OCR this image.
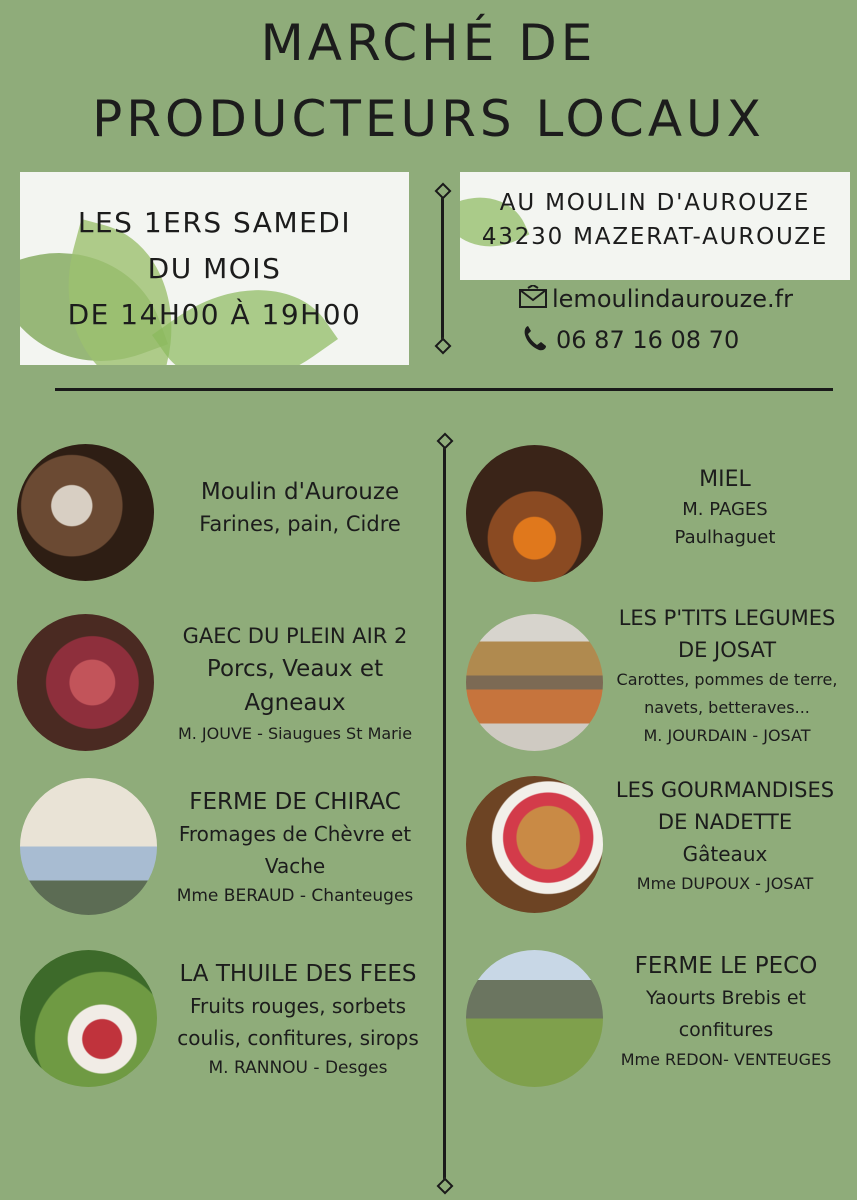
MARCHÉ DE
PRODUCTEURS LOCAUX
LES 1ERS SAMEDI
DU MOIS
DE 14H00 À 19H00
AU MOULIN D'AUROUZE
43230 MAZERAT-AUROUZE
lemoulindaurouze.fr
06 87 16 08 70
Moulin d'Aurouze
Farines, pain, Cidre
GAEC DU PLEIN AIR 2
Porcs, Veaux et
Agneaux
M. JOUVE - Siaugues St Marie
FERME DE CHIRAC
Fromages de Chèvre et
Vache
Mme BERAUD - Chanteuges
LA THUILE DES FEES
Fruits rouges, sorbets
coulis, confitures, sirops
M. RANNOU - Desges
MIEL
M. PAGES
Paulhaguet
LES P'TITS LEGUMES
DE JOSAT
Carottes, pommes de terre,
navets, betteraves...
M. JOURDAIN - JOSAT
LES GOURMANDISES
DE NADETTE
Gâteaux
Mme DUPOUX - JOSAT
FERME LE PECO
Yaourts Brebis et
confitures
Mme REDON- VENTEUGES
